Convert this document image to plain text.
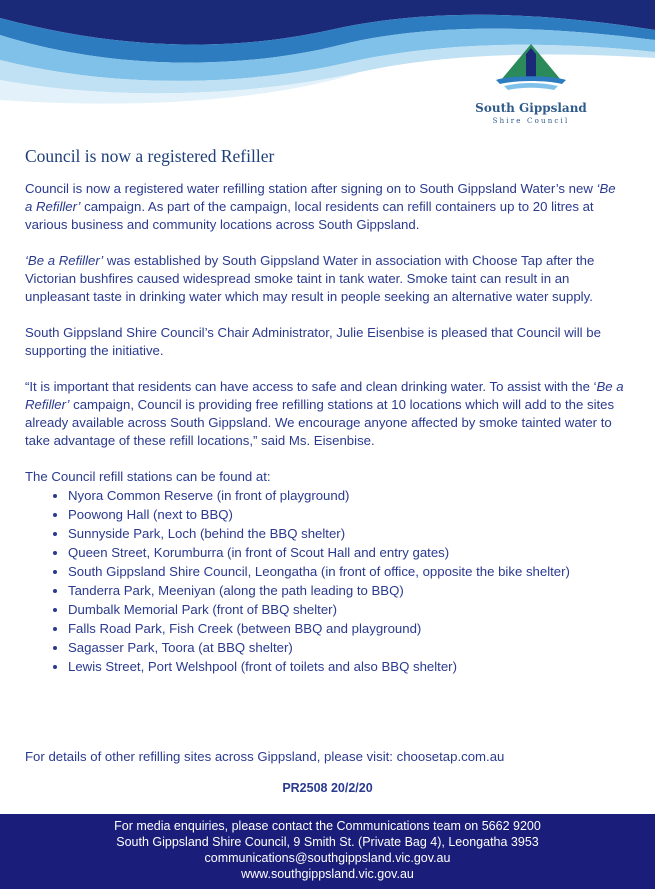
South Gippsland
Shire Council
Council is now a registered Refiller

Council is now a registered water refilling station after signing on to South Gippsland Water’s new ‘Be a Refiller’ campaign. As part of the campaign, local residents can refill containers up to 20 litres at various business and community locations across South Gippsland.

‘Be a Refiller’ was established by South Gippsland Water in association with Choose Tap after the Victorian bushfires caused widespread smoke taint in tank water. Smoke taint can result in an unpleasant taste in drinking water which may result in people seeking an alternative water supply.

South Gippsland Shire Council’s Chair Administrator, Julie Eisenbise is pleased that Council will be supporting the initiative.

“It is important that residents can have access to safe and clean drinking water. To assist with the ‘Be a Refiller’ campaign, Council is providing free refilling stations at 10 locations which will add to the sites already available across South Gippsland. We encourage anyone affected by smoke tainted water to take advantage of these refill locations,” said Ms. Eisenbise.

The Council refill stations can be found at:
Nyora Common Reserve (in front of playground)
Poowong Hall (next to BBQ)
Sunnyside Park, Loch (behind the BBQ shelter)
Queen Street, Korumburra (in front of Scout Hall and entry gates)
South Gippsland Shire Council, Leongatha (in front of office, opposite the bike shelter)
Tanderra Park, Meeniyan (along the path leading to BBQ)
Dumbalk Memorial Park (front of BBQ shelter)
Falls Road Park, Fish Creek (between BBQ and playground)
Sagasser Park, Toora (at BBQ shelter)
Lewis Street, Port Welshpool (front of toilets and also BBQ shelter)
For details of other refilling sites across Gippsland, please visit: choosetap.com.au
PR2508 20/2/20
For media enquiries, please contact the Communications team on 5662 9200
South Gippsland Shire Council, 9 Smith St. (Private Bag 4), Leongatha 3953
communications@southgippsland.vic.gov.au
www.southgippsland.vic.gov.au
